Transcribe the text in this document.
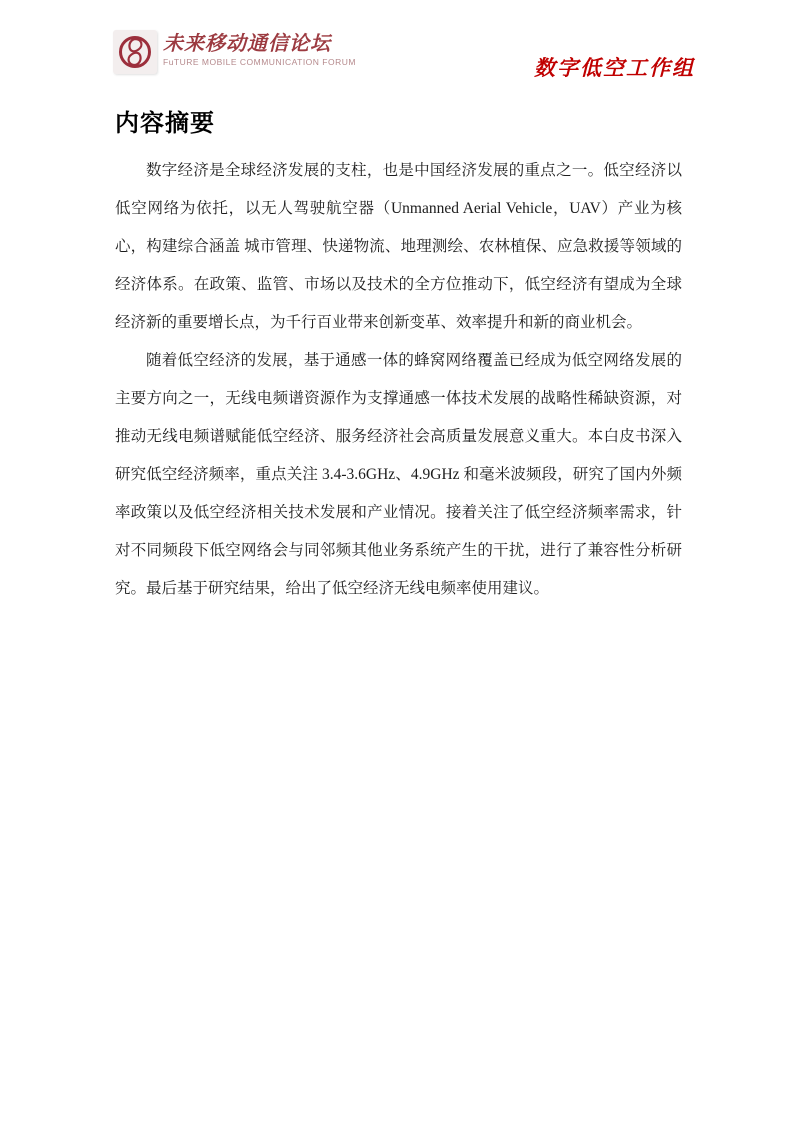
未来移动通信论坛
FuTURE MOBILE COMMUNICATION FORUM	数字低空工作组
内容摘要

数字经济是全球经济发展的支柱，也是中国经济发展的重点之一。低空经济以低空网络为依托，以无人驾驶航空器（Unmanned Aerial Vehicle，UAV）产业为核心，构建综合涵盖 城市管理、快递物流、地理测绘、农林植保、应急救援等领域的经济体系。在政策、监管、市场以及技术的全方位推动下，低空经济有望成为全球经济新的重要增长点，为千行百业带来创新变革、效率提升和新的商业机会。

随着低空经济的发展，基于通感一体的蜂窝网络覆盖已经成为低空网络发展的主要方向之一，无线电频谱资源作为支撑通感一体技术发展的战略性稀缺资源，对推动无线电频谱赋能低空经济、服务经济社会高质量发展意义重大。本白皮书深入研究低空经济频率，重点关注 3.4-3.6GHz、4.9GHz 和毫米波频段，研究了国内外频率政策以及低空经济相关技术发展和产业情况。接着关注了低空经济频率需求，针对不同频段下低空网络会与同邻频其他业务系统产生的干扰，进行了兼容性分析研究。最后基于研究结果，给出了低空经济无线电频率使用建议。
